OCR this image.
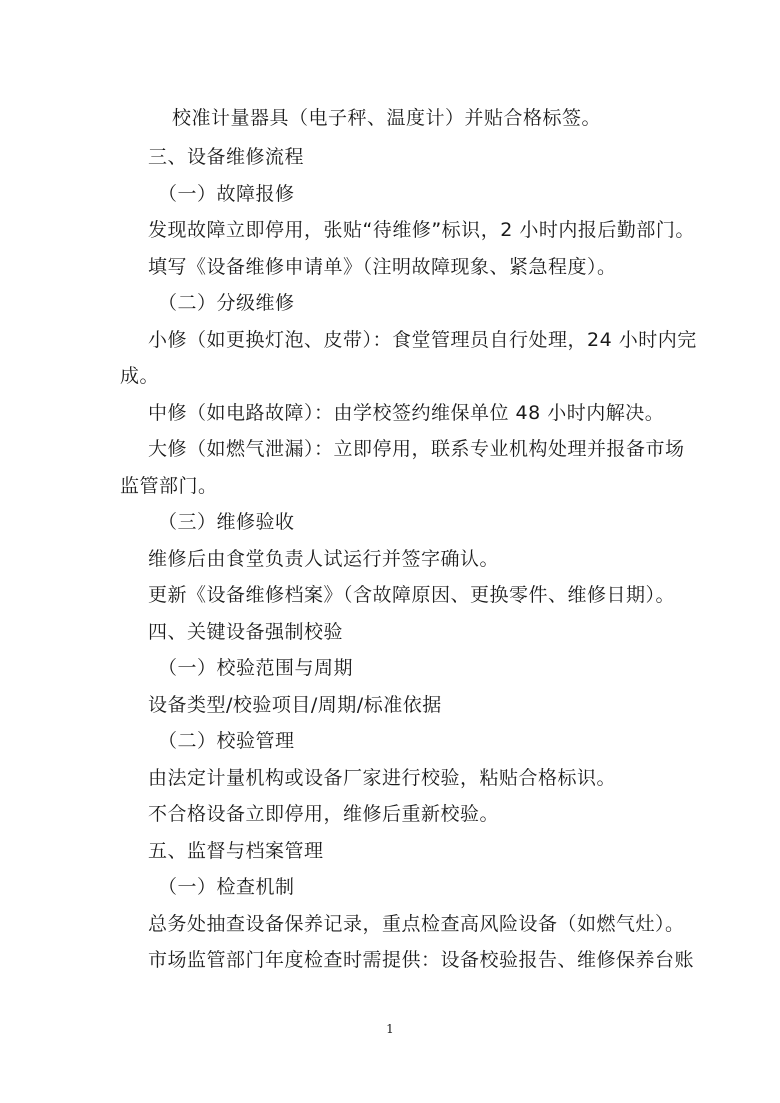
校准计量器具（电子秤、温度计）并贴合格标签。
三、设备维修流程
（一）故障报修
发现故障立即停用，张贴“待维修”标识，2 小时内报后勤部门。
填写《设备维修申请单》（注明故障现象、紧急程度）。
（二）分级维修
小修（如更换灯泡、皮带）：食堂管理员自行处理，24 小时内完
成。
中修（如电路故障）：由学校签约维保单位 48 小时内解决。
大修（如燃气泄漏）：立即停用，联系专业机构处理并报备市场
监管部门。
（三）维修验收
维修后由食堂负责人试运行并签字确认。
更新《设备维修档案》（含故障原因、更换零件、维修日期）。
四、关键设备强制校验
（一）校验范围与周期
设备类型/校验项目/周期/标准依据
（二）校验管理
由法定计量机构或设备厂家进行校验，粘贴合格标识。
不合格设备立即停用，维修后重新校验。
五、监督与档案管理
（一）检查机制
总务处抽查设备保养记录，重点检查高风险设备（如燃气灶）。
市场监管部门年度检查时需提供：设备校验报告、维修保养台账
1
